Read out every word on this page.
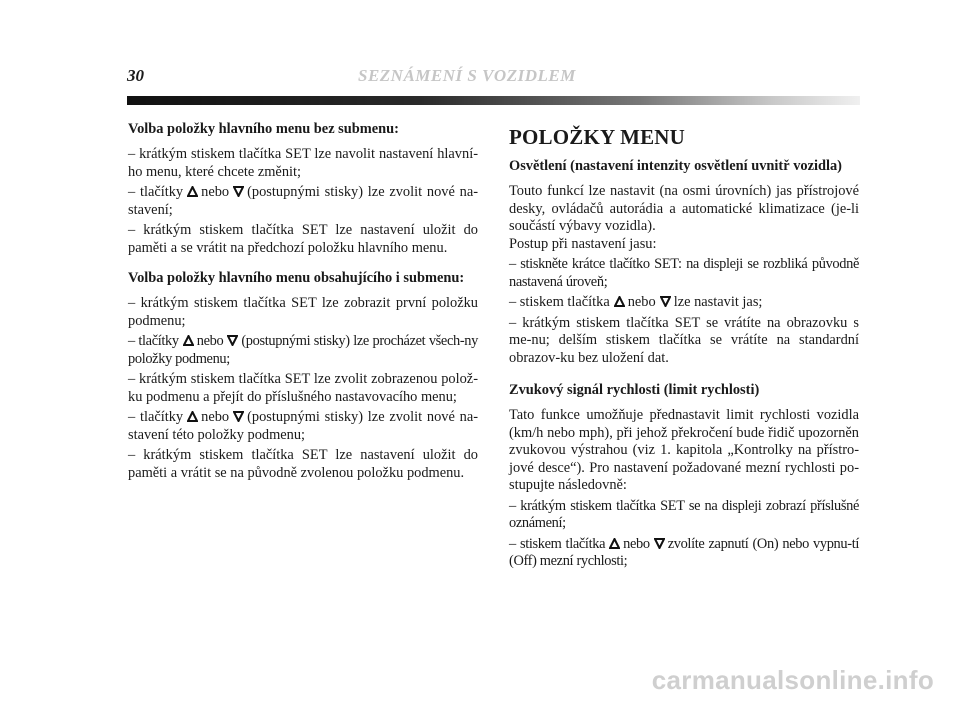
30	SEZNÁMENÍ S VOZIDLEM
Volba položky hlavního menu bez submenu:

– krátkým stiskem tlačítka SET lze navolit nastavení hlavní-ho menu, které chcete změnit;

– tlačítky nebo (postupnými stisky) lze zvolit nové na-stavení;

– krátkým stiskem tlačítka SET lze nastavení uložit do paměti a se vrátit na předchozí položku hlavního menu.

Volba položky hlavního menu obsahujícího i submenu:

– krátkým stiskem tlačítka SET lze zobrazit první položku podmenu;

– tlačítky nebo (postupnými stisky) lze procházet všech-ny položky podmenu;

– krátkým stiskem tlačítka SET lze zvolit zobrazenou polož-ku podmenu a přejít do příslušného nastavovacího menu;

– tlačítky nebo (postupnými stisky) lze zvolit nové na-stavení této položky podmenu;

– krátkým stiskem tlačítka SET lze nastavení uložit do paměti a vrátit se na původně zvolenou položku podmenu.

POLOŽKY MENU
Osvětlení (nastavení intenzity osvětlení uvnitř vozidla)

Touto funkcí lze nastavit (na osmi úrovních) jas přístrojové desky, ovládačů autorádia a automatické klimatizace (je-li součástí výbavy vozidla).

Postup při nastavení jasu:

– stiskněte krátce tlačítko SET: na displeji se rozbliká původně nastavená úroveň;

– stiskem tlačítka nebo lze nastavit jas;

– krátkým stiskem tlačítka SET se vrátíte na obrazovku s me-nu; delším stiskem tlačítka se vrátíte na standardní obrazov-ku bez uložení dat.

Zvukový signál rychlosti (limit rychlosti)

Tato funkce umožňuje přednastavit limit rychlosti vozidla (km/h nebo mph), při jehož překročení bude řidič upozorněn zvukovou výstrahou (viz 1. kapitola „Kontrolky na přístro-jové desce“). Pro nastavení požadované mezní rychlosti po-stupujte následovně:

– krátkým stiskem tlačítka SET se na displeji zobrazí příslušné oznámení;

– stiskem tlačítka nebo zvolíte zapnutí (On) nebo vypnu-tí (Off) mezní rychlosti;

carmanualsonline.info
